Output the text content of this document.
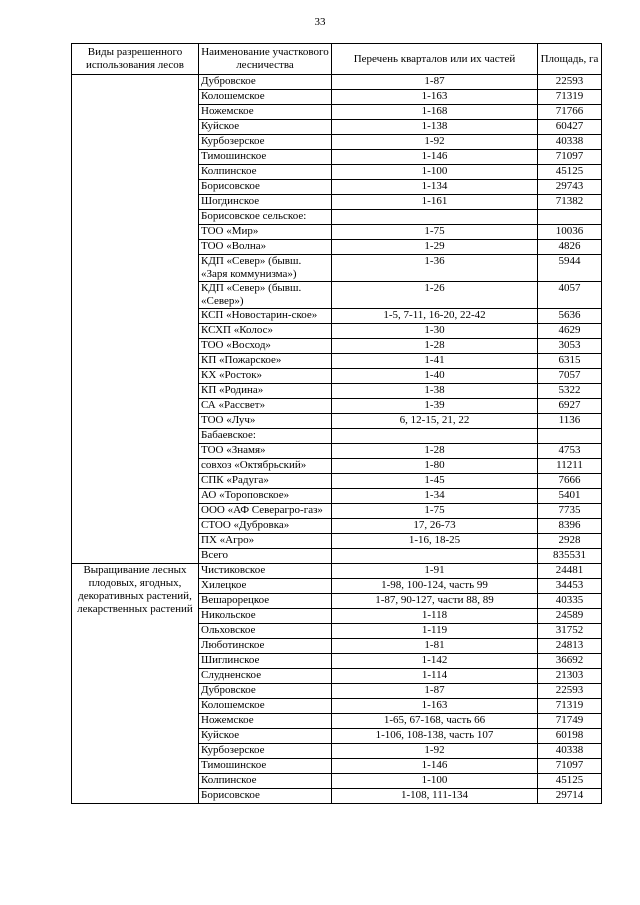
33
Виды разрешенного использования лесов	Наименование участкового лесничества	Перечень кварталов или их частей	Площадь, га
	Дубровское	1-87	22593
	Колошемское	1-163	71319
	Ножемское	1-168	71766
	Куйское	1-138	60427
	Курбозерское	1-92	40338
	Тимошинское	1-146	71097
	Колпинское	1-100	45125
	Борисовское	1-134	29743
	Шогдинское	1-161	71382
	Борисовское сельское:		
	ТОО «Мир»	1-75	10036
	ТОО «Волна»	1-29	4826
	КДП «Север» (бывш. «Заря коммунизма»)	1-36	5944
	КДП «Север» (бывш. «Север»)	1-26	4057
	КСП «Новостарин-ское»	1-5, 7-11, 16-20, 22-42	5636
	КСХП «Колос»	1-30	4629
	ТОО «Восход»	1-28	3053
	КП «Пожарское»	1-41	6315
	КХ «Росток»	1-40	7057
	КП «Родина»	1-38	5322
	СА «Рассвет»	1-39	6927
	ТОО «Луч»	6, 12-15, 21, 22	1136
	Бабаевское:		
	ТОО «Знамя»	1-28	4753
	совхоз «Октябрьский»	1-80	11211
	СПК «Радуга»	1-45	7666
	АО «Тороповское»	1-34	5401
	ООО «АФ Северагро-газ»	1-75	7735
	СТОО «Дубровка»	17, 26-73	8396
	ПХ «Агро»	1-16, 18-25	2928
	Всего		835531
Выращивание лесных плодовых, ягодных, декоративных растений, лекарственных растений	Чистиковское	1-91	24481
	Хилецкое	1-98, 100-124, часть 99	34453
	Вешарорецкое	1-87, 90-127, части 88, 89	40335
	Никольское	1-118	24589
	Ольховское	1-119	31752
	Люботинское	1-81	24813
	Шиглинское	1-142	36692
	Слудненское	1-114	21303
	Дубровское	1-87	22593
	Колошемское	1-163	71319
	Ножемское	1-65, 67-168, часть 66	71749
	Куйское	1-106, 108-138, часть 107	60198
	Курбозерское	1-92	40338
	Тимошинское	1-146	71097
	Колпинское	1-100	45125
	Борисовское	1-108, 111-134	29714
